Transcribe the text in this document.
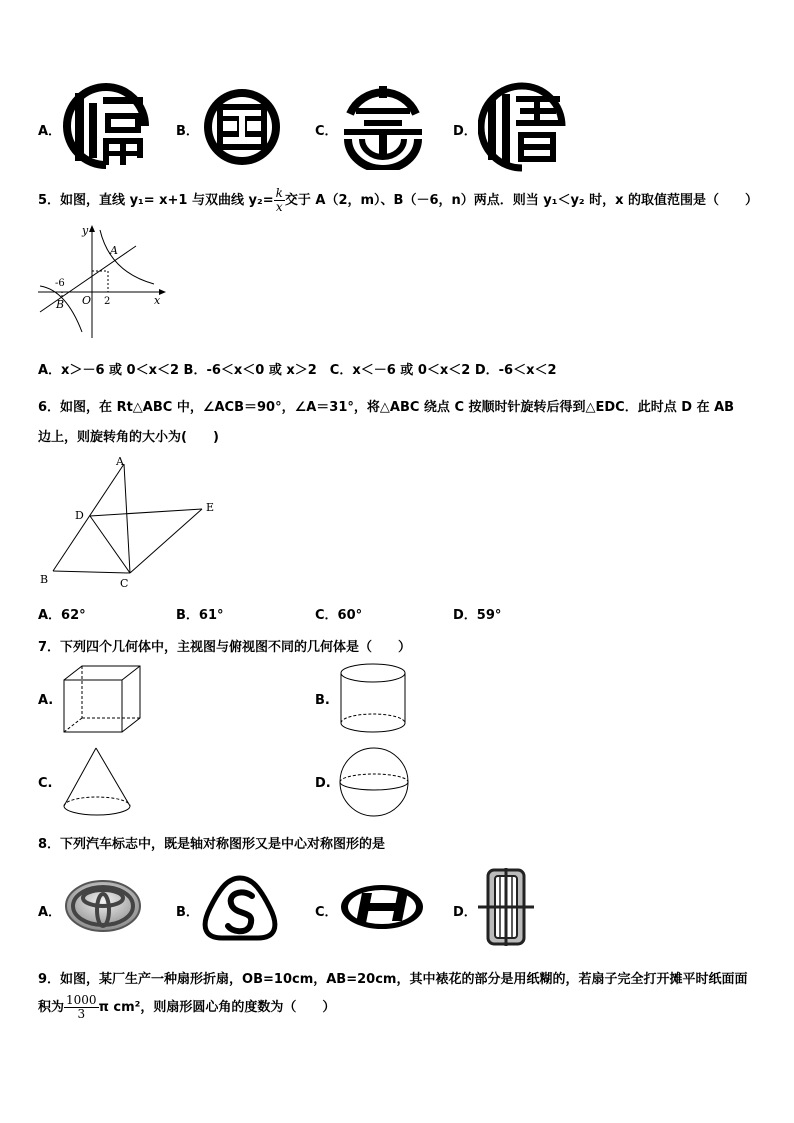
A．	B．	C．	D．
5．如图，直线 y₁= x+1 与双曲线 $y_2= \frac{k}{x}$ 交于 A（2，m）、B（－6，n）两点．则当 y₁＜y₂ 时，x 的取值范围是（　　）
y
x
O
A
B
-6
2
A．x＞－6 或 0＜x＜2 B．-6＜x＜0 或 x＞2　C．x＜－6 或 0＜x＜2 D．-6＜x＜2
6．如图，在 Rt△ABC 中，∠ACB＝90°，∠A＝31°，将△ABC 绕点 C 按顺时针旋转后得到△EDC．此时点 D 在 AB
边上，则旋转角的大小为(　　)
A
B	C
D
E
A．62°	B．61°	C．60°	D．59°
7．下列四个几何体中，主视图与俯视图不同的几何体是（　　）
A.	B.
C.	D.
8．下列汽车标志中，既是轴对称图形又是中心对称图形的是
A．	B．	C．	D．
9．如图，某厂生产一种扇形折扇，OB=10cm，AB=20cm，其中裱花的部分是用纸糊的，若扇子完全打开摊平时纸面面
积为 $\frac{1000}{3}$ π cm²，则扇形圆心角的度数为（　　）
